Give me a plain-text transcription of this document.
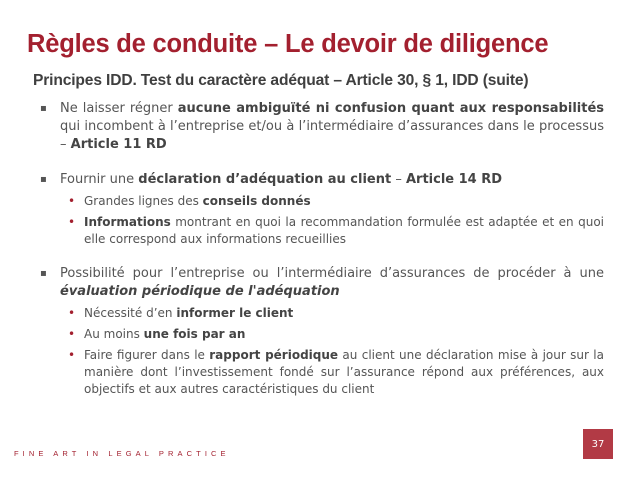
Règles de conduite – Le devoir de diligence
Principes IDD. Test du caractère adéquat – Article 30, § 1, IDD (suite)
▪ Ne laisser régner aucune ambiguïté ni confusion quant aux responsabilités qui incombent à l’entreprise et/ou à l’intermédiaire d’assurances dans le processus – Article 11 RD
▪ Fournir une déclaration d’adéquation au client – Article 14 RD
• Grandes lignes des conseils donnés
• Informations montrant en quoi la recommandation formulée est adaptée et en quoi elle correspond aux informations recueillies
▪ Possibilité pour l’entreprise ou l’intermédiaire d’assurances de procéder à une évaluation périodique de l'adéquation
• Nécessité d’en informer le client
• Au moins une fois par an
• Faire figurer dans le rapport périodique au client une déclaration mise à jour sur la manière dont l’investissement fondé sur l’assurance répond aux préférences, aux objectifs et aux autres caractéristiques du client
FINE ART IN LEGAL PRACTICE
37
